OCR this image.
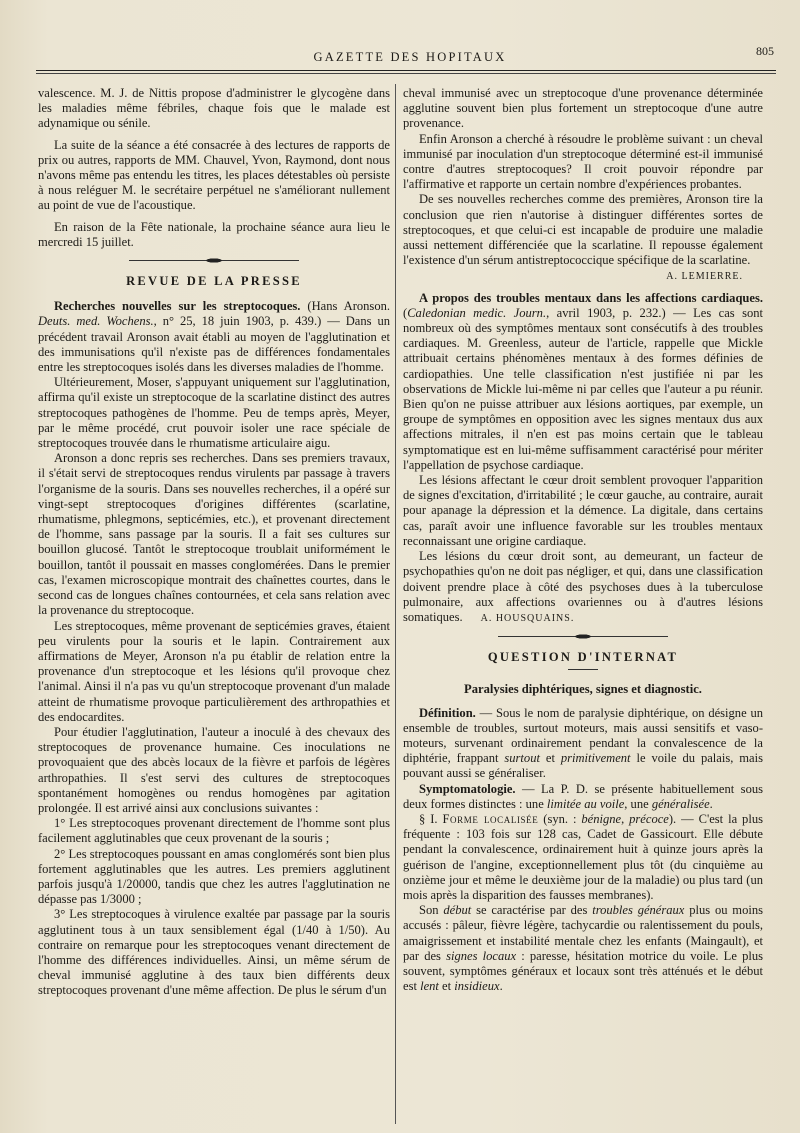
GAZETTE DES HOPITAUX	805

valescence. M. J. de Nittis propose d'administrer le glycogène dans les maladies même fébriles, chaque fois que le malade est adynamique ou sénile.

La suite de la séance a été consacrée à des lectures de rapports de prix ou autres, rapports de MM. Chauvel, Yvon, Raymond, dont nous n'avons même pas entendu les titres, les places détestables où persiste à nous reléguer M. le secrétaire perpétuel ne s'améliorant nullement au point de vue de l'acoustique.

En raison de la Fête nationale, la prochaine séance aura lieu le mercredi 15 juillet.

REVUE DE LA PRESSE

Recherches nouvelles sur les streptocoques. (Hans Aronson. Deuts. med. Wochens., n° 25, 18 juin 1903, p. 439.) — Dans un précédent travail Aronson avait établi au moyen de l'agglutination et des immunisations qu'il n'existe pas de différences fondamentales entre les streptocoques isolés dans les diverses maladies de l'homme.

Ultérieurement, Moser, s'appuyant uniquement sur l'agglutination, affirma qu'il existe un streptocoque de la scarlatine distinct des autres streptocoques pathogènes de l'homme. Peu de temps après, Meyer, par le même procédé, crut pouvoir isoler une race spéciale de streptocoques trouvée dans le rhumatisme articulaire aigu.

Aronson a donc repris ses recherches. Dans ses premiers travaux, il s'était servi de streptocoques rendus virulents par passage à travers l'organisme de la souris. Dans ses nouvelles recherches, il a opéré sur vingt-sept streptocoques d'origines différentes (scarlatine, rhumatisme, phlegmons, septicémies, etc.), et provenant directement de l'homme, sans passage par la souris. Il a fait ses cultures sur bouillon glucosé. Tantôt le streptocoque troublait uniformément le bouillon, tantôt il poussait en masses conglomérées. Dans le premier cas, l'examen microscopique montrait des chaînettes courtes, dans le second cas de longues chaînes contournées, et cela sans relation avec la provenance du streptocoque.

Les streptocoques, même provenant de septicémies graves, étaient peu virulents pour la souris et le lapin. Contrairement aux affirmations de Meyer, Aronson n'a pu établir de relation entre la provenance d'un streptocoque et les lésions qu'il provoque chez l'animal. Ainsi il n'a pas vu qu'un streptocoque provenant d'un malade atteint de rhumatisme provoque particulièrement des arthropathies et des endocardites.

Pour étudier l'agglutination, l'auteur a inoculé à des chevaux des streptocoques de provenance humaine. Ces inoculations ne provoquaient que des abcès locaux de la fièvre et parfois de légères arthropathies. Il s'est servi des cultures de streptocoques spontanément homogènes ou rendus homogènes par agitation prolongée. Il est arrivé ainsi aux conclusions suivantes :

1° Les streptocoques provenant directement de l'homme sont plus facilement agglutinables que ceux provenant de la souris ;

2° Les streptocoques poussant en amas conglomérés sont bien plus fortement agglutinables que les autres. Les premiers agglutinent parfois jusqu'à 1/20000, tandis que chez les autres l'agglutination ne dépasse pas 1/3000 ;

3° Les streptocoques à virulence exaltée par passage par la souris agglutinent tous à un taux sensiblement égal (1/40 à 1/50). Au contraire on remarque pour les streptocoques venant directement de l'homme des différences individuelles. Ainsi, un même sérum de cheval immunisé agglutine à des taux bien différents deux streptocoques provenant d'une même affection. De plus le sérum d'un

cheval immunisé avec un streptocoque d'une provenance déterminée agglutine souvent bien plus fortement un streptocoque d'une autre provenance.

Enfin Aronson a cherché à résoudre le problème suivant : un cheval immunisé par inoculation d'un streptocoque déterminé est-il immunisé contre d'autres streptocoques? Il croit pouvoir répondre par l'affirmative et rapporte un certain nombre d'expériences probantes.

De ses nouvelles recherches comme des premières, Aronson tire la conclusion que rien n'autorise à distinguer différentes sortes de streptocoques, et que celui-ci est incapable de produire une maladie aussi nettement différenciée que la scarlatine. Il repousse également l'existence d'un sérum antistreptococcique spécifique de la scarlatine.

A. LEMIERRE.

A propos des troubles mentaux dans les affections cardiaques. (Caledonian medic. Journ., avril 1903, p. 232.) — Les cas sont nombreux où des symptômes mentaux sont consécutifs à des troubles cardiaques. M. Greenless, auteur de l'article, rappelle que Mickle attribuait certains phénomènes mentaux à des formes définies de cardiopathies. Une telle classification n'est justifiée ni par les observations de Mickle lui-même ni par celles que l'auteur a pu réunir. Bien qu'on ne puisse attribuer aux lésions aortiques, par exemple, un groupe de symptômes en opposition avec les signes mentaux dus aux affections mitrales, il n'en est pas moins certain que le tableau symptomatique est en lui-même suffisamment caractérisé pour mériter l'appellation de psychose cardiaque.

Les lésions affectant le cœur droit semblent provoquer l'apparition de signes d'excitation, d'irritabilité ; le cœur gauche, au contraire, aurait pour apanage la dépression et la démence. La digitale, dans certains cas, paraît avoir une influence favorable sur les troubles mentaux reconnaissant une origine cardiaque.

Les lésions du cœur droit sont, au demeurant, un facteur de psychopathies qu'on ne doit pas négliger, et qui, dans une classification doivent prendre place à côté des psychoses dues à la tuberculose pulmonaire, aux affections ovariennes ou à d'autres lésions somatiques. A. HOUSQUAINS.

QUESTION D'INTERNAT
Paralysies diphtériques, signes et diagnostic.

Définition. — Sous le nom de paralysie diphtérique, on désigne un ensemble de troubles, surtout moteurs, mais aussi sensitifs et vaso-moteurs, survenant ordinairement pendant la convalescence de la diphtérie, frappant surtout et primitivement le voile du palais, mais pouvant aussi se généraliser.

Symptomatologie. — La P. D. se présente habituellement sous deux formes distinctes : une limitée au voile, une généralisée.

§ I. Forme localisée (syn. : bénigne, précoce). — C'est la plus fréquente : 103 fois sur 128 cas, Cadet de Gassicourt. Elle débute pendant la convalescence, ordinairement huit à quinze jours après la guérison de l'angine, exceptionnellement plus tôt (du cinquième au onzième jour et même le deuxième jour de la maladie) ou plus tard (un mois après la disparition des fausses membranes).

Son début se caractérise par des troubles généraux plus ou moins accusés : pâleur, fièvre légère, tachycardie ou ralentissement du pouls, amaigrissement et instabilité mentale chez les enfants (Maingault), et par des signes locaux : paresse, hésitation motrice du voile. Le plus souvent, symptômes généraux et locaux sont très atténués et le début est lent et insidieux.
